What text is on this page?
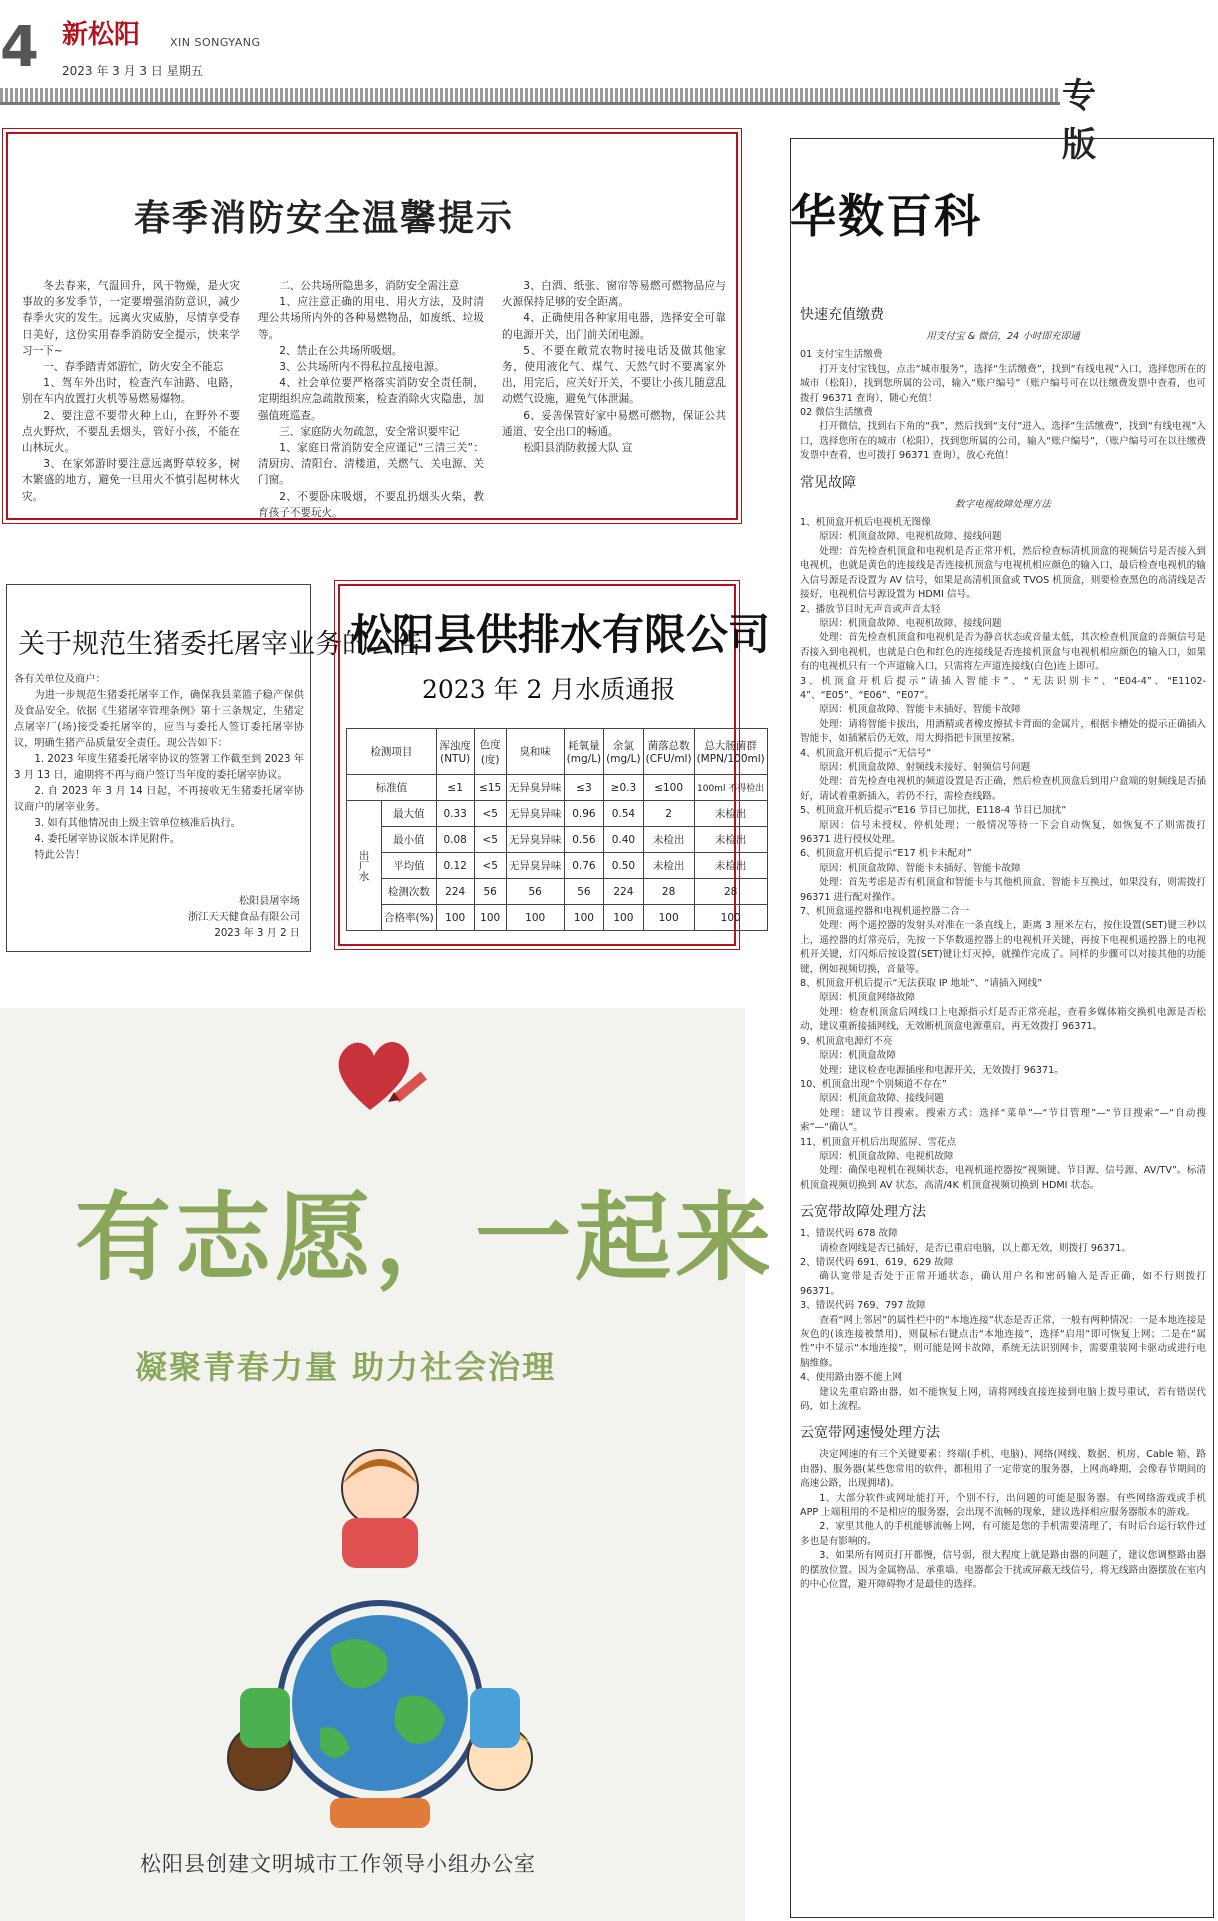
4 新松阳	XIN SONGYANG
2023 年 3 月 3 日 星期五
专版
春季消防安全温馨提示

冬去春来，气温回升，风干物燥，是火灾事故的多发季节，一定要增强消防意识，减少春季火灾的发生。远离火灾威胁，尽情享受春日美好，这份实用春季消防安全提示，快来学习一下~

一、春季踏青郊游忙，防火安全不能忘

1、驾车外出时，检查汽车油路、电路，别在车内放置打火机等易燃易爆物。

2、要注意不要带火种上山，在野外不要点火野炊，不要乱丢烟头，管好小孩，不能在山林玩火。

3、在家郊游时要注意远离野草较多，树木繁盛的地方，避免一旦用火不慎引起树林火灾。

二、公共场所隐患多，消防安全需注意

1、应注意正确的用电、用火方法，及时清理公共场所内外的各种易燃物品，如废纸、垃圾等。

2、禁止在公共场所吸烟。

3、公共场所内不得私拉乱接电源。

4、社会单位要严格落实消防安全责任制，定期组织应急疏散预案，检查消除火灾隐患，加强值班巡查。

三、家庭防火勿疏忽，安全常识要牢记

1、家庭日常消防安全应谨记“三清三关”：清厨房、清阳台、清楼道，关燃气、关电源、关门窗。

2、不要卧床吸烟，不要乱扔烟头火柴，教育孩子不要玩火。

3、白酒、纸张、窗帘等易燃可燃物品应与火源保持足够的安全距离。

4、正确使用各种家用电器，选择安全可靠的电源开关，出门前关闭电源。

5、不要在敞荒农物时接电话及做其他家务，使用液化气、煤气、天然气时不要离家外出，用完后，应关好开关，不要让小孩儿随意乱动燃气设施，避免气体泄漏。

6、妥善保管好家中易燃可燃物，保证公共通道、安全出口的畅通。

松阳县消防救援大队 宣

关于规范生猪委托屠宰业务的公告

各有关单位及商户：

为进一步规范生猪委托屠宰工作，确保我县菜篮子稳产保供及食品安全。依据《生猪屠宰管理条例》第十三条规定，生猪定点屠宰厂(场)接受委托屠宰的，应当与委托人签订委托屠宰协议，明确生猪产品质量安全责任。现公告如下：

1. 2023 年度生猪委托屠宰协议的签署工作截至到 2023 年 3 月 13 日，逾期将不再与商户签订当年度的委托屠宰协议。

2. 自 2023 年 3 月 14 日起，不再接收无生猪委托屠宰协议商户的屠宰业务。

3. 如有其他情况由上级主管单位核准后执行。

4. 委托屠宰协议版本详见附件。

特此公告！

松阳县屠宰场

浙江天天健食品有限公司

2023 年 3 月 2 日

松阳县供排水有限公司
2023 年 2 月水质通报
检测项目		浑浊度(NTU)	色度(度)	臭和味	耗氧量(mg/L)	余氯(mg/L)	菌落总数(CFU/ml)	总大肠菌群(MPN/100ml)
标准值		≤1	≤15	无异臭异味	≤3	≥0.3	≤100	100ml 不得检出
出厂水	最大值	0.33	<5	无异臭异味	0.96	0.54	2	未检出
	最小值	0.08	<5	无异臭异味	0.56	0.40	未检出	未检出
	平均值	0.12	<5	无异臭异味	0.76	0.50	未检出	未检出
	检测次数	224	56	56	56	224	28	28
	合格率(%)	100	100	100	100	100	100	100
有志愿，一起来
凝聚青春力量 助力社会治理
松阳县创建文明城市工作领导小组办公室
华数百科

快速充值缴费

用支付宝 & 微信，24 小时即充即通

01 支付宝生活缴费

打开支付宝钱包，点击“城市服务”，选择“生活缴费”，找到“有线电视”入口，选择您所在的城市（松阳），找到您所属的公司，输入“账户编号”（账户编号可在以往缴费发票中查看，也可拨打 96371 查询），随心充值！

02 微信生活缴费

打开微信，找到右下角的“我”，然后找到“支付”进入，选择“生活缴费”，找到“有线电视”入口，选择您所在的城市（松阳），找到您所属的公司，输入“账户编号”，（账户编号可在以往缴费发票中查看，也可拨打 96371 查询），放心充值！

常见故障

数字电视故障处理方法

1、机顶盒开机后电视机无图像

原因：机顶盒故障、电视机故障、接线问题

处理：首先检查机顶盒和电视机是否正常开机，然后检查标清机顶盒的视频信号是否接入到电视机，也就是黄色的连接线是否连接机顶盒与电视机相应颜色的输入口，最后检查电视机的输入信号源是否设置为 AV 信号，如果是高清机顶盒或 TVOS 机顶盒，则要检查黑色的高清线是否接好，电视机信号源设置为 HDMI 信号。

2、播放节目时无声音或声音太轻

原因：机顶盒故障、电视机故障、接线问题

处理：首先检查机顶盒和电视机是否为静音状态或音量太低，其次检查机顶盒的音频信号是否接入到电视机，也就是白色和红色的连接线是否连接机顶盒与电视机相应颜色的输入口，如果有的电视机只有一个声道输入口，只需将左声道连接线(白色)连上即可。

3、机顶盒开机后提示“请插入智能卡”、“无法识别卡”、“E04-4”、“E1102-4”、“E05”、“E06”、“E07”。

原因：机顶盒故障、智能卡未插好、智能卡故障

处理：请将智能卡拔出，用酒精或者橡皮擦拭卡背面的金属片，根据卡槽处的提示正确插入智能卡，如插紧后仍无效，用大拇指把卡顶里按紧。

4、机顶盒开机后提示“无信号”

原因：机顶盒故障、射频线未接好、射频信号问题

处理：首先检查电视机的频道设置是否正确，然后检查机顶盒后到用户盒端的射频线是否插好，请试着重新插入，若仍不行，需检查线路。

5、机顶盒开机后提示“E16 节目已加扰，E118-4 节目已加扰”

原因：信号未授权、停机处理；一般情况等待一下会自动恢复，如恢复不了则需拨打 96371 进行授权处理。

6、机顶盒开机后提示“E17 机卡未配对”

原因：机顶盒故障、智能卡未插好、智能卡故障

处理：首先考虑是否有机顶盒和智能卡与其他机顶盒、智能卡互换过，如果没有，则需拨打 96371 进行配对操作。

7、机顶盒遥控器和电视机遥控器二合一

处理：两个遥控器的发射头对准在一条直线上，距离 3 厘米左右，按住设置(SET)键三秒以上，遥控器的灯常亮后，先按一下华数遥控器上的电视机开关键，再按下电视机遥控器上的电视机开关键，灯闪烁后按设置(SET)键让灯灭掉，就操作完成了。同样的步骤可以对接其他的功能键，例如视频切换，音量等。

8、机顶盒开机后提示“无法获取 IP 地址”、“请插入网线”

原因：机顶盒网络故障

处理：检查机顶盒后网线口上电源指示灯是否正常亮起，查看多媒体箱交换机电源是否松动，建议重新接插网线，无效断机顶盒电源重启，再无效拨打 96371。

9、机顶盒电源灯不亮

原因：机顶盒故障

处理：建议检查电源插座和电源开关，无效拨打 96371。

10、机顶盒出现“个别频道不存在”

原因：机顶盒故障、接线问题

处理：建议节目搜索。搜索方式：选择“菜单”—“节目管理”—“节目搜索”—“自动搜索”—“确认”。

11、机顶盒开机后出现蓝屏、雪花点

原因：机顶盒故障、电视机故障

处理：确保电视机在视频状态，电视机遥控器按“视频键、节目源、信号源、AV/TV”。标清机顶盒视频切换到 AV 状态，高清/4K 机顶盒视频切换到 HDMI 状态。

云宽带故障处理方法

1、错误代码 678 故障

请检查网线是否已插好，是否已重启电脑，以上都无效，则拨打 96371。

2、错误代码 691、619、629 故障

确认宽带是否处于正常开通状态，确认用户名和密码输入是否正确，如不行则拨打 96371。

3、错误代码 769、797 故障

查看“网上邻居”的属性栏中的“本地连接”状态是否正常，一般有两种情况：一是本地连接是灰色的(该连接被禁用)，则鼠标右键点击“本地连接”，选择“启用”即可恢复上网；二是在“属性”中不显示“本地连接”，则可能是网卡故障，系统无法识别网卡，需要重装网卡驱动或进行电脑维修。

4、使用路由器不能上网

建议先重启路由器，如不能恢复上网，请将网线直接连接到电脑上拨号重试，若有错误代码，如上流程。

云宽带网速慢处理方法

决定网速的有三个关键要素：终端(手机、电脑)、网络(网线、数据、机房、Cable 箱、路由器)、服务器(某些您常用的软件，都租用了一定带宽的服务器，上网高峰期，会像春节期间的高速公路，出现拥堵)。

1、大部分软件或网址能打开，个别不行，出问题的可能是服务器。有些网络游戏或手机 APP 上端租用的不是相应的服务器，会出现不流畅的现象，建议选择相应服务器版本的游戏。

2、家里其他人的手机能够流畅上网，有可能是您的手机需要清理了，有时后台运行软件过多也是有影响的。

3、如果所有网页打开都慢，信号弱，很大程度上就是路由器的问题了，建议您调整路由器的摆放位置。因为金属物品、承重墙、电器都会干扰或屏蔽无线信号，将无线路由器摆放在室内的中心位置，避开障碍物才是最佳的选择。
